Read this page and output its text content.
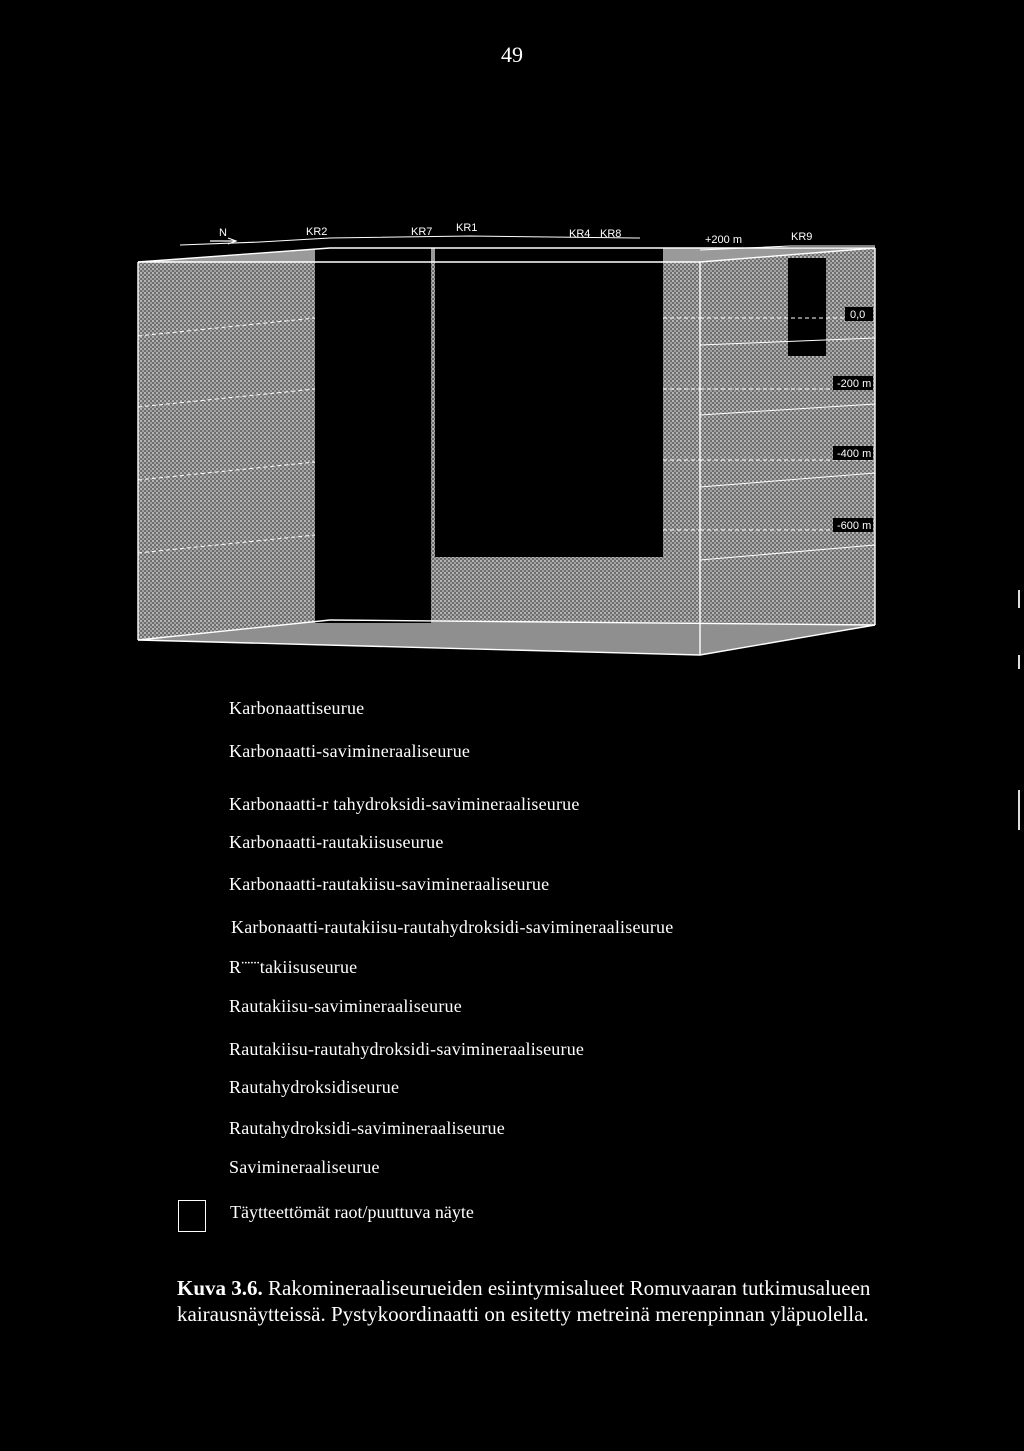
49
N	KR2	KR7 KR1	KR4 KR8	+200 m	KR9
0,0
-200 m
-400 m
-600 m
Karbonaattiseurue
Karbonaatti-savimineraaliseurue
Karbonaatti-r tahydroksidi-savimineraaliseurue
Karbonaatti-rautakiisuseurue
Karbonaatti-rautakiisu-savimineraaliseurue
Karbonaatti-rautakiisu-rautahydroksidi-savimineraaliseurue
R¨¨¨takiisuseurue
Rautakiisu-savimineraaliseurue
Rautakiisu-rautahydroksidi-savimineraaliseurue
Rautahydroksidiseurue
Rautahydroksidi-savimineraaliseurue
Savimineraaliseurue
Täytteettömät raot/puuttuva näyte
Kuva 3.6. Rakomineraaliseurueiden esiintymisalueet Romuvaaran tutkimusalueen kairausnäytteissä. Pystykoordinaatti on esitetty metreinä merenpinnan yläpuolella.
